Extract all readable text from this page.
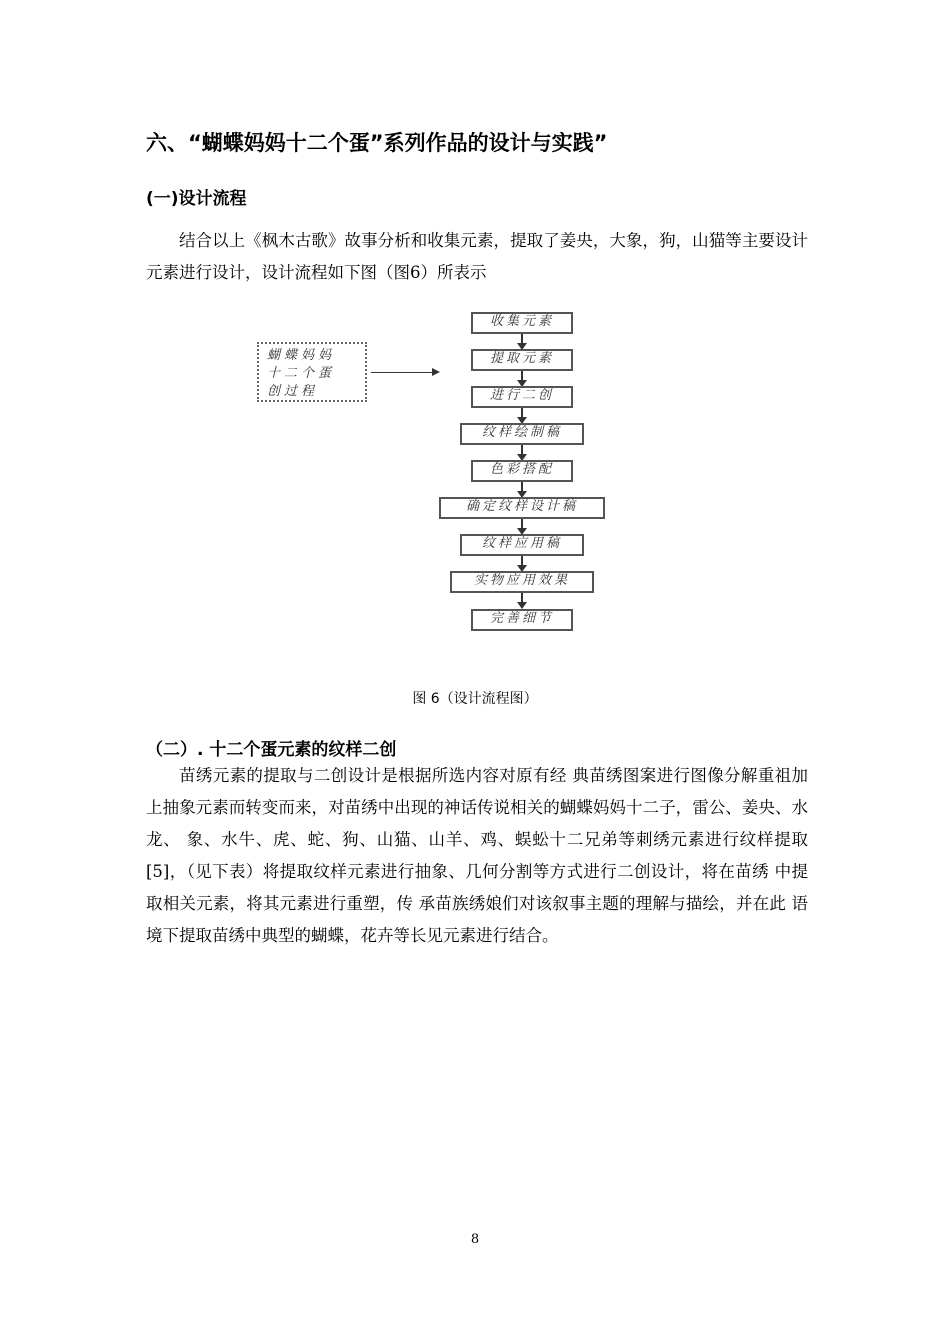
六、“蝴蝶妈妈十二个蛋”系列作品的设计与实践”
(一)设计流程

结合以上《枫木古歌》故事分析和收集元素，提取了姜央，大象，狗，山猫等主要设计元素进行设计，设计流程如下图（图6）所表示

蝴蝶妈妈
十二个蛋
创过程
收集元素
提取元素
进行二创
纹样绘制稿
色彩搭配
确定纹样设计稿
纹样应用稿
实物应用效果
完善细节
图 6（设计流程图）
（二）. 十二个蛋元素的纹样二创

苗绣元素的提取与二创设计是根据所选内容对原有经 典苗绣图案进行图像分解重祖加上抽象元素而转变而来，对苗绣中出现的神话传说相关的蝴蝶妈妈十二子，雷公、姜央、水龙、 象、水牛、虎、蛇、狗、山猫、山羊、鸡、蜈蚣十二兄弟等刺绣元素进行纹样提取[5]，（见下表）将提取纹样元素进行抽象、几何分割等方式进行二创设计，将在苗绣 中提取相关元素，将其元素进行重塑，传 承苗族绣娘们对该叙事主题的理解与描绘，并在此 语境下提取苗绣中典型的蝴蝶，花卉等长见元素进行结合。

8
